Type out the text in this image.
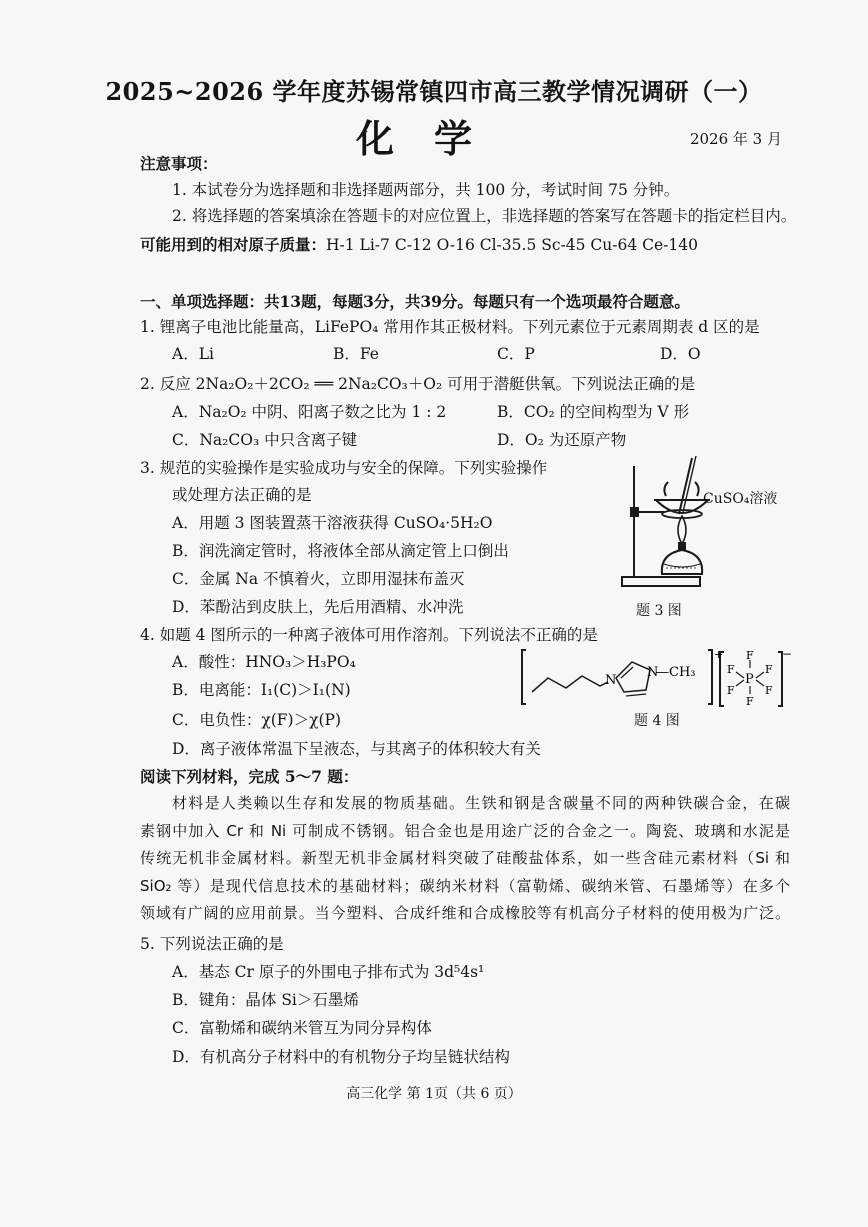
2025~2026 学年度苏锡常镇四市高三教学情况调研（一）
化学	2026 年 3 月
注意事项：
1. 本试卷分为选择题和非选择题两部分，共 100 分，考试时间 75 分钟。
2. 将选择题的答案填涂在答题卡的对应位置上，非选择题的答案写在答题卡的指定栏目内。
可能用到的相对原子质量：H-1 Li-7 C-12 O-16 Cl-35.5 Sc-45 Cu-64 Ce-140
一、单项选择题：共13题，每题3分，共39分。每题只有一个选项最符合题意。
1. 锂离子电池比能量高，LiFePO₄ 常用作其正极材料。下列元素位于元素周期表 d 区的是
A．Li	B．Fe	C．P	D．O
2. 反应 2Na₂O₂＋2CO₂ ══ 2Na₂CO₃＋O₂ 可用于潜艇供氧。下列说法正确的是
A．Na₂O₂ 中阴、阳离子数之比为 1 : 2	B．CO₂ 的空间构型为 V 形
C．Na₂CO₃ 中只含离子键	D．O₂ 为还原产物
3. 规范的实验操作是实验成功与安全的保障。下列实验操作
或处理方法正确的是
A．用题 3 图装置蒸干溶液获得 CuSO₄·5H₂O
B．润洗滴定管时，将液体全部从滴定管上口倒出
C．金属 Na 不慎着火，立即用湿抹布盖灭
D．苯酚沾到皮肤上，先后用酒精、水冲洗
CuSO₄溶液
题 3 图
4. 如题 4 图所示的一种离子液体可用作溶剂。下列说法不正确的是
A．酸性：HNO₃＞H₃PO₄
B．电离能：I₁(C)＞I₁(N)
C．电负性：χ(F)＞χ(P)
D．离子液体常温下呈液态，与其离子的体积较大有关
N
N
—CH₃
+
P
F
F
F
F
F
F
−
题 4 图
阅读下列材料，完成 5～7 题：
材料是人类赖以生存和发展的物质基础。生铁和钢是含碳量不同的两种铁碳合金，在碳
素钢中加入 Cr 和 Ni 可制成不锈钢。铝合金也是用途广泛的合金之一。陶瓷、玻璃和水泥是
传统无机非金属材料。新型无机非金属材料突破了硅酸盐体系，如一些含硅元素材料（Si 和
SiO₂ 等）是现代信息技术的基础材料；碳纳米材料（富勒烯、碳纳米管、石墨烯等）在多个
领域有广阔的应用前景。当今塑料、合成纤维和合成橡胶等有机高分子材料的使用极为广泛。
5. 下列说法正确的是
A．基态 Cr 原子的外围电子排布式为 3d⁵4s¹
B．键角：晶体 Si＞石墨烯
C．富勒烯和碳纳米管互为同分异构体
D．有机高分子材料中的有机物分子均呈链状结构
高三化学 第 1页（共 6 页）
